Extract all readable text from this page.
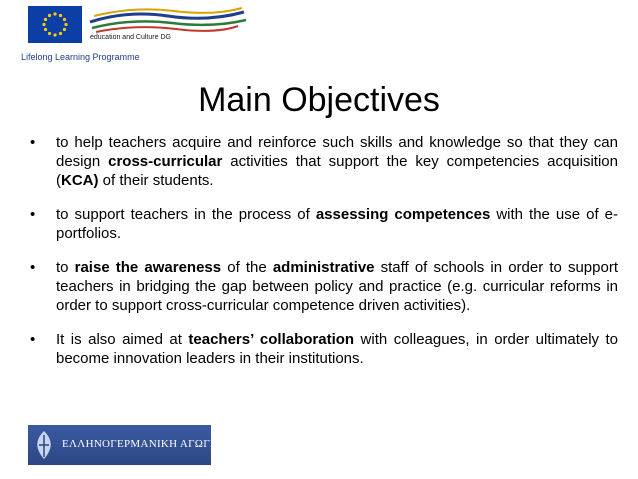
education and Culture DG
Lifelong Learning Programme
Main Objectives
• to help teachers acquire and reinforce such skills and knowledge so that they can design cross-curricular activities that support the key competencies acquisition (KCA) of their students.
• to support teachers in the process of assessing competences with the use of e-portfolios.
• to raise the awareness of the administrative staff of schools in order to support teachers in bridging the gap between policy and practice (e.g. curricular reforms in order to support cross-curricular competence driven activities).
• It is also aimed at teachers’ collaboration with colleagues, in order ultimately to become innovation leaders in their institutions.
ΕΛΛΗΝΟΓΕΡΜΑΝΙΚΗ ΑΓΩΓΗ
